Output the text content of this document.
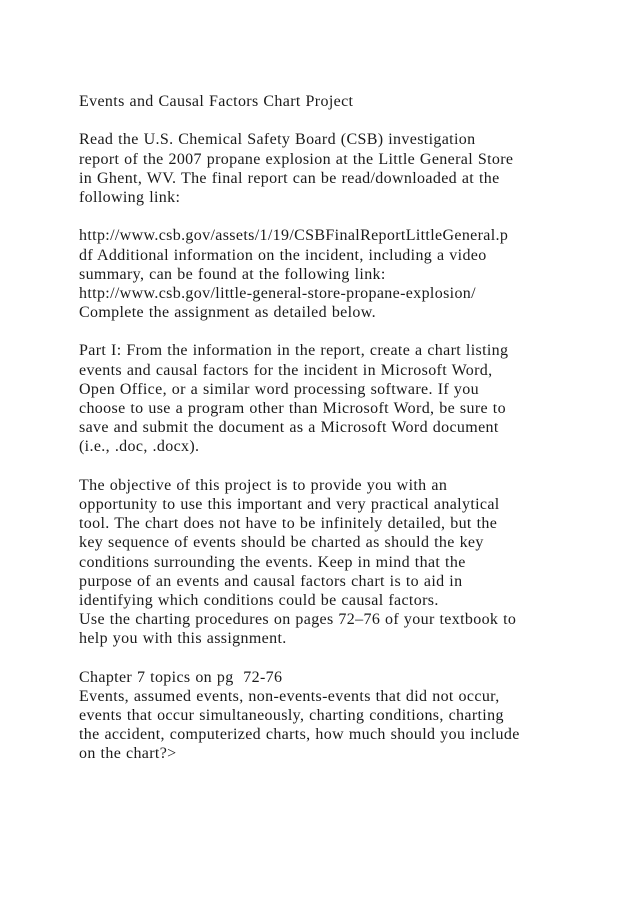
Events and Causal Factors Chart Project
Read the U.S. Chemical Safety Board (CSB) investigation
report of the 2007 propane explosion at the Little General Store
in Ghent, WV. The final report can be read/downloaded at the
following link:
http://www.csb.gov/assets/1/19/CSBFinalReportLittleGeneral.p
df Additional information on the incident, including a video
summary, can be found at the following link:
http://www.csb.gov/little-general-store-propane-explosion/
Complete the assignment as detailed below.
Part I: From the information in the report, create a chart listing
events and causal factors for the incident in Microsoft Word,
Open Office, or a similar word processing software. If you
choose to use a program other than Microsoft Word, be sure to
save and submit the document as a Microsoft Word document
(i.e., .doc, .docx).
The objective of this project is to provide you with an
opportunity to use this important and very practical analytical
tool. The chart does not have to be infinitely detailed, but the
key sequence of events should be charted as should the key
conditions surrounding the events. Keep in mind that the
purpose of an events and causal factors chart is to aid in
identifying which conditions could be causal factors.
Use the charting procedures on pages 72–76 of your textbook to
help you with this assignment.
Chapter 7 topics on pg  72-76
Events, assumed events, non-events-events that did not occur,
events that occur simultaneously, charting conditions, charting
the accident, computerized charts, how much should you include
on the chart?>
